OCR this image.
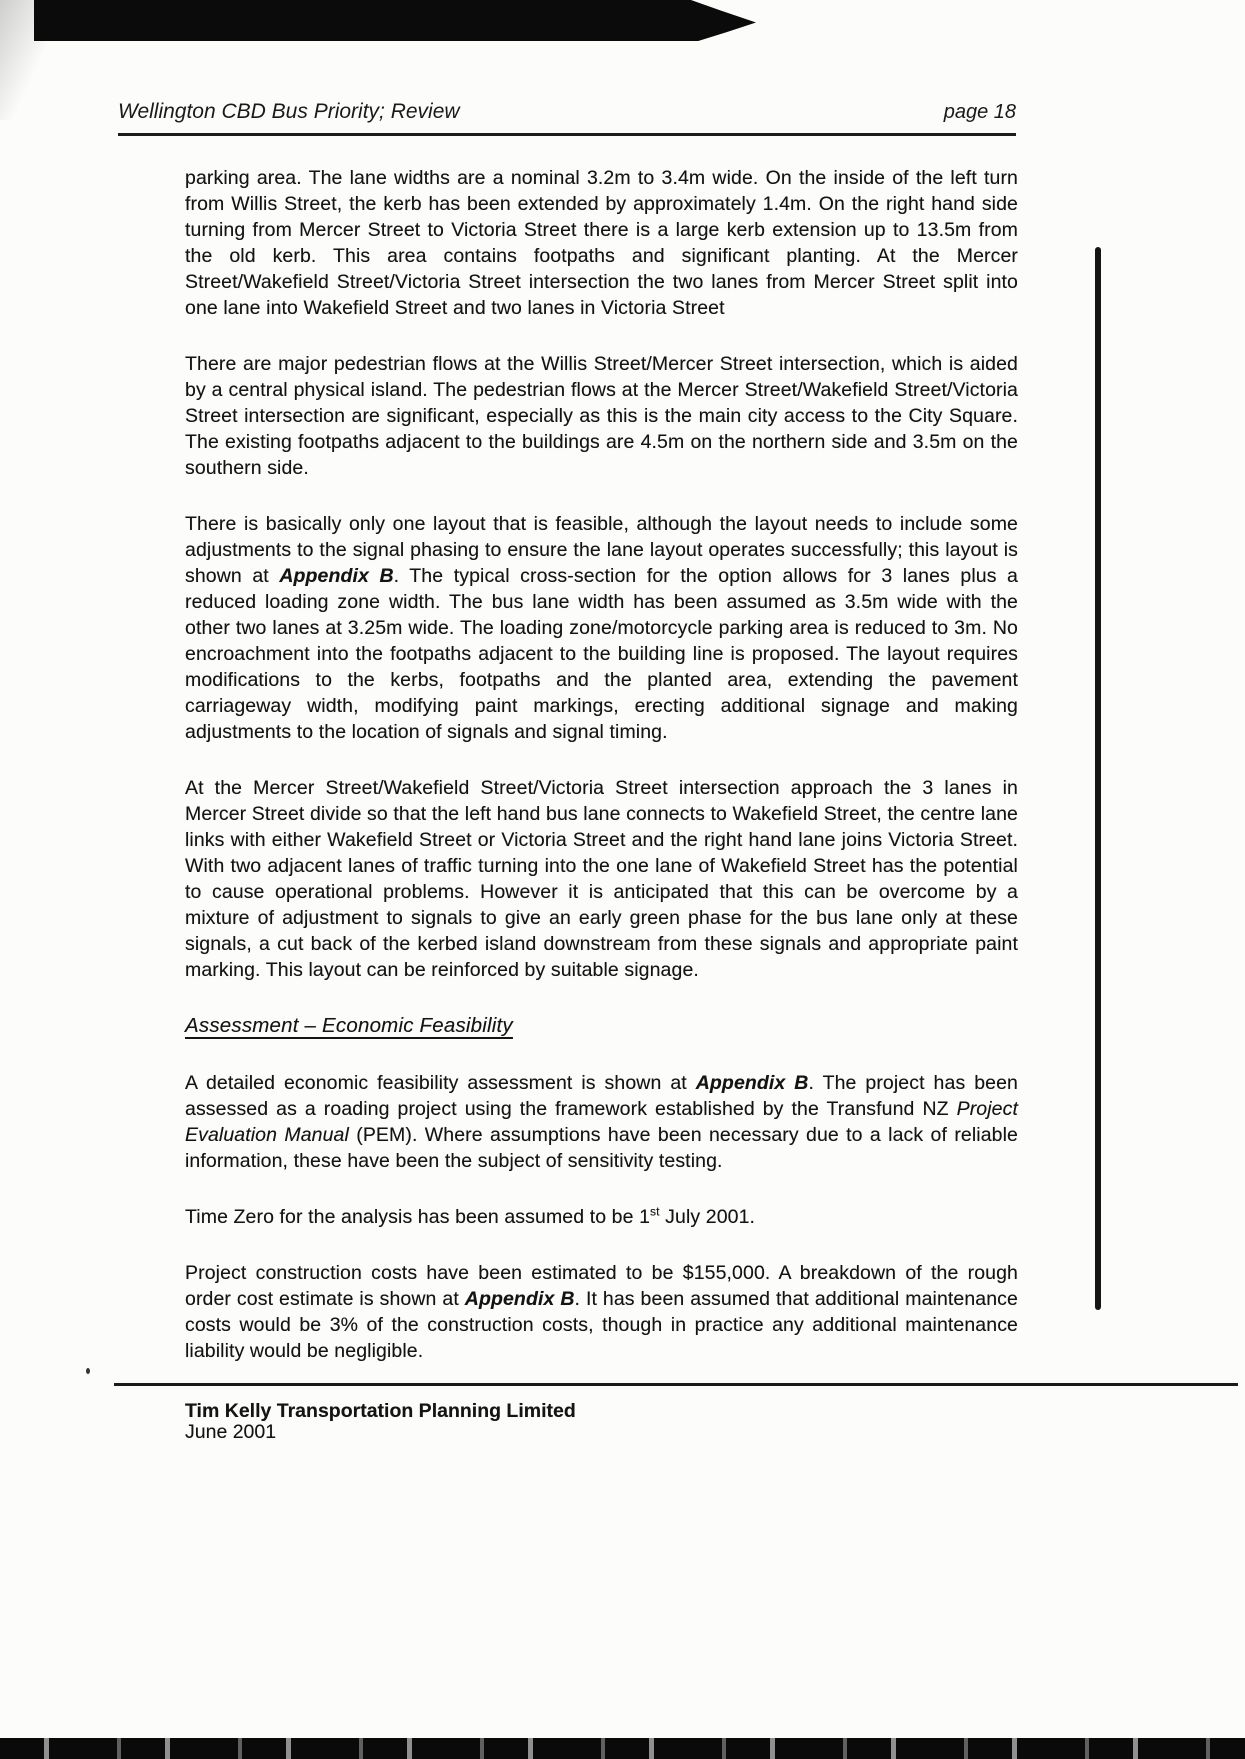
Wellington CBD Bus Priority; Review	page 18

parking area. The lane widths are a nominal 3.2m to 3.4m wide. On the inside of the left turn from Willis Street, the kerb has been extended by approximately 1.4m. On the right hand side turning from Mercer Street to Victoria Street there is a large kerb extension up to 13.5m from the old kerb. This area contains footpaths and significant planting. At the Mercer Street/Wakefield Street/Victoria Street intersection the two lanes from Mercer Street split into one lane into Wakefield Street and two lanes in Victoria Street

There are major pedestrian flows at the Willis Street/Mercer Street intersection, which is aided by a central physical island. The pedestrian flows at the Mercer Street/Wakefield Street/Victoria Street intersection are significant, especially as this is the main city access to the City Square. The existing footpaths adjacent to the buildings are 4.5m on the northern side and 3.5m on the southern side.

There is basically only one layout that is feasible, although the layout needs to include some adjustments to the signal phasing to ensure the lane layout operates successfully; this layout is shown at Appendix B. The typical cross-section for the option allows for 3 lanes plus a reduced loading zone width. The bus lane width has been assumed as 3.5m wide with the other two lanes at 3.25m wide. The loading zone/motorcycle parking area is reduced to 3m. No encroachment into the footpaths adjacent to the building line is proposed. The layout requires modifications to the kerbs, footpaths and the planted area, extending the pavement carriageway width, modifying paint markings, erecting additional signage and making adjustments to the location of signals and signal timing.

At the Mercer Street/Wakefield Street/Victoria Street intersection approach the 3 lanes in Mercer Street divide so that the left hand bus lane connects to Wakefield Street, the centre lane links with either Wakefield Street or Victoria Street and the right hand lane joins Victoria Street. With two adjacent lanes of traffic turning into the one lane of Wakefield Street has the potential to cause operational problems. However it is anticipated that this can be overcome by a mixture of adjustment to signals to give an early green phase for the bus lane only at these signals, a cut back of the kerbed island downstream from these signals and appropriate paint marking. This layout can be reinforced by suitable signage.

Assessment – Economic Feasibility

A detailed economic feasibility assessment is shown at Appendix B. The project has been assessed as a roading project using the framework established by the Transfund NZ Project Evaluation Manual (PEM). Where assumptions have been necessary due to a lack of reliable information, these have been the subject of sensitivity testing.

Time Zero for the analysis has been assumed to be 1st July 2001.

Project construction costs have been estimated to be $155,000. A breakdown of the rough order cost estimate is shown at Appendix B. It has been assumed that additional maintenance costs would be 3% of the construction costs, though in practice any additional maintenance liability would be negligible.

Tim Kelly Transportation Planning Limited
June 2001
